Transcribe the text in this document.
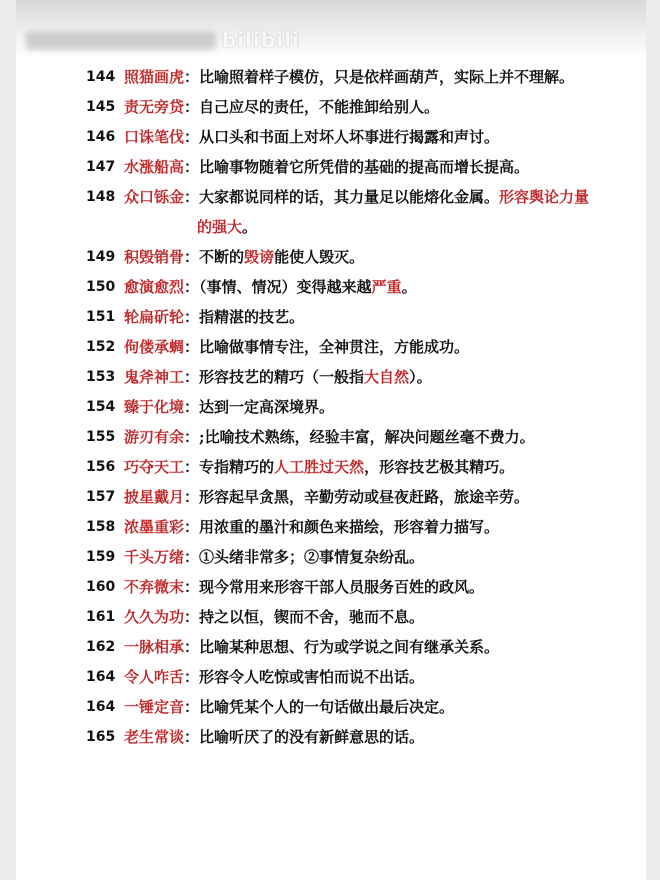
bilibili
144 照猫画虎：比喻照着样子模仿，只是依样画葫芦，实际上并不理解。
145 责无旁贷：自己应尽的责任，不能推卸给别人。
146 口诛笔伐：从口头和书面上对坏人坏事进行揭露和声讨。
147 水涨船高：比喻事物随着它所凭借的基础的提高而增长提高。
148 众口铄金：大家都说同样的话，其力量足以能熔化金属。形容舆论力量
的强大。
149 积毁销骨：不断的毁谤能使人毁灭。
150 愈演愈烈：（事情、情况）变得越来越严重。
151 轮扁斫轮：指精湛的技艺。
152 佝偻承蜩：比喻做事情专注，全神贯注，方能成功。
153 鬼斧神工：形容技艺的精巧（一般指大自然）。
154 臻于化境：达到一定高深境界。
155 游刃有余：;比喻技术熟练，经验丰富，解决问题丝毫不费力。
156 巧夺天工：专指精巧的人工胜过天然，形容技艺极其精巧。
157 披星戴月：形容起早贪黑，辛勤劳动或昼夜赶路，旅途辛劳。
158 浓墨重彩：用浓重的墨汁和颜色来描绘，形容着力描写。
159 千头万绪：①头绪非常多；②事情复杂纷乱。
160 不弃微末：现今常用来形容干部人员服务百姓的政风。
161 久久为功：持之以恒，锲而不舍，驰而不息。
162 一脉相承：比喻某种思想、行为或学说之间有继承关系。
164 令人咋舌：形容令人吃惊或害怕而说不出话。
164 一锤定音：比喻凭某个人的一句话做出最后决定。
165 老生常谈：比喻听厌了的没有新鲜意思的话。
